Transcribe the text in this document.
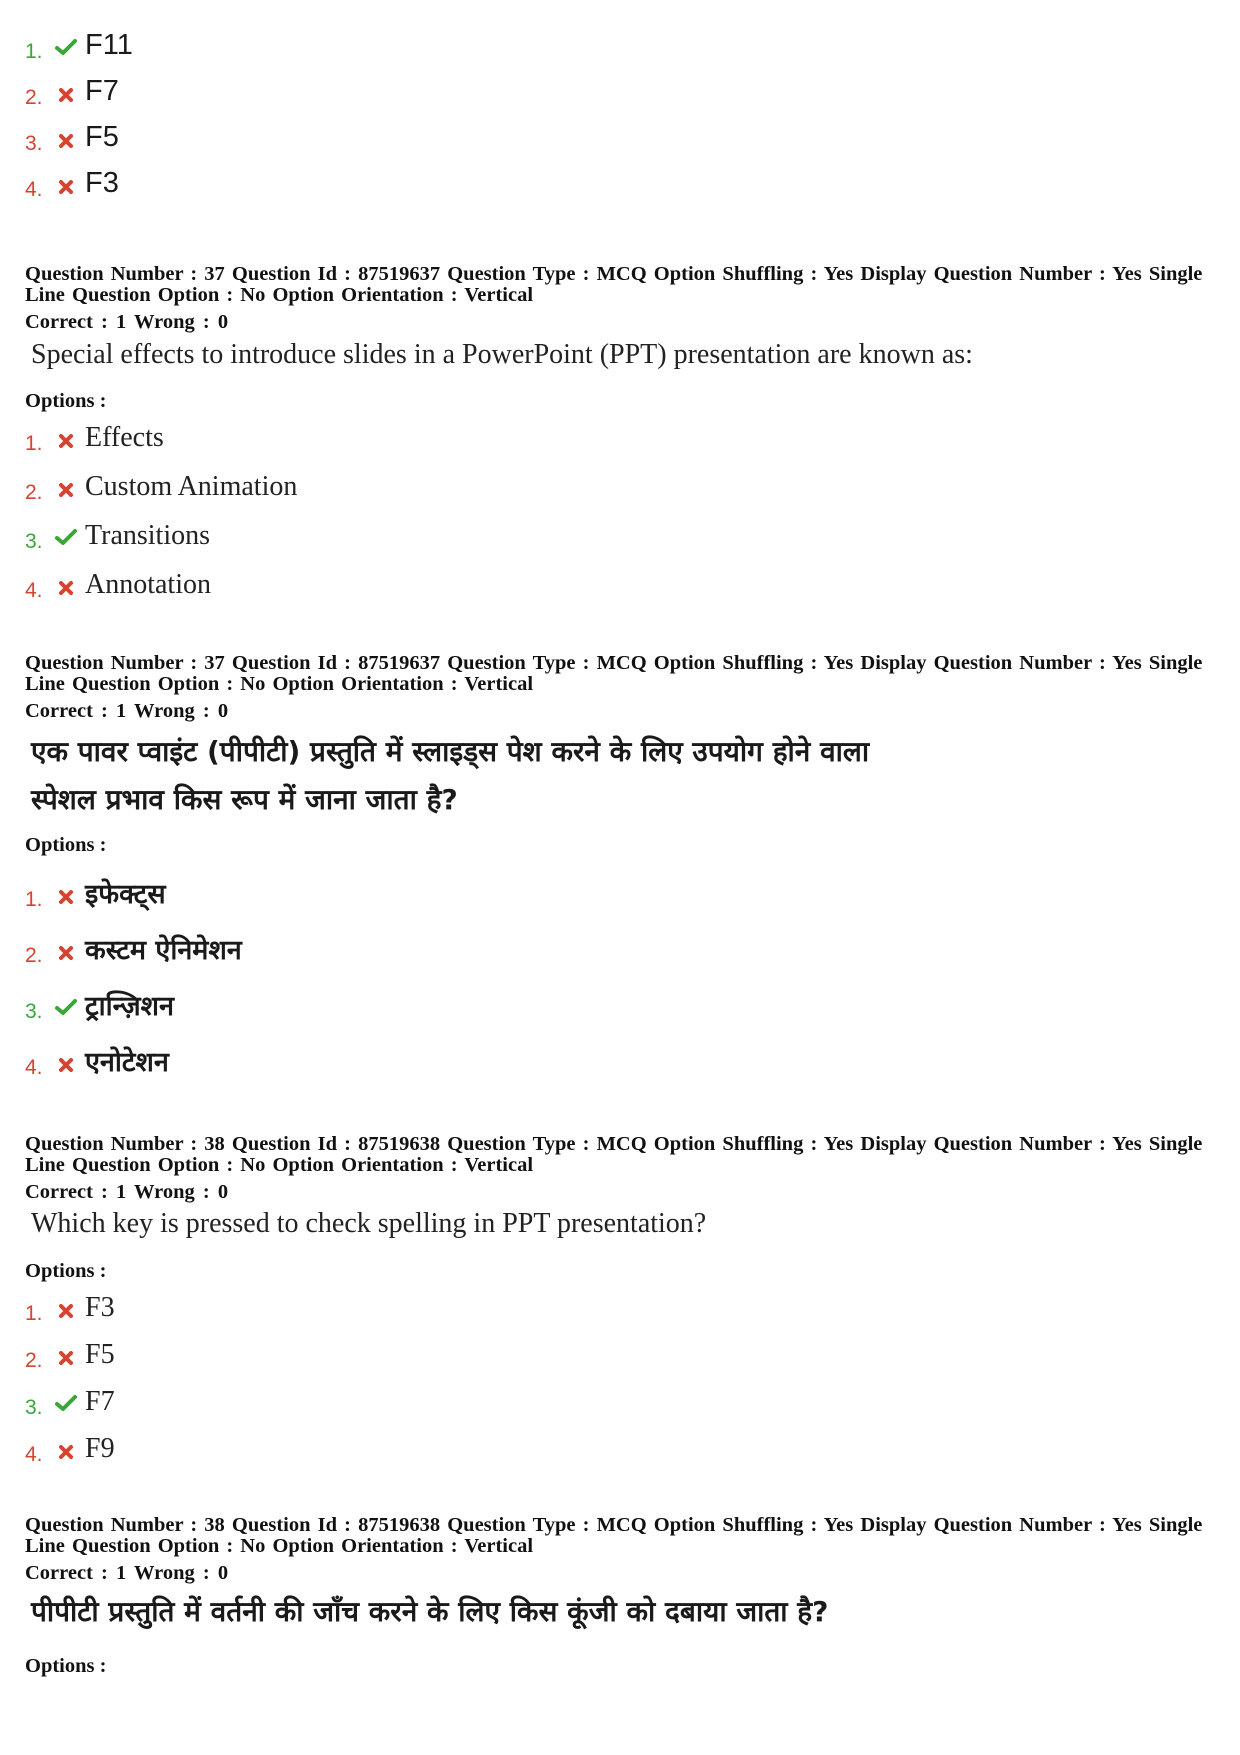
1. F11
2. F7
3. F5
4. F3
Question Number : 37 Question Id : 87519637 Question Type : MCQ Option Shuffling : Yes Display Question Number : Yes Single
Line Question Option : No Option Orientation : Vertical
Correct : 1 Wrong : 0
Special effects to introduce slides in a PowerPoint (PPT) presentation are known as:
Options :
1.	Effects
2.	Custom Animation
3.	Transitions
4.	Annotation
Question Number : 37 Question Id : 87519637 Question Type : MCQ Option Shuffling : Yes Display Question Number : Yes Single
Line Question Option : No Option Orientation : Vertical
Correct : 1 Wrong : 0
एक पावर प्वाइंट (पीपीटी) प्रस्तुति में स्लाइड्स पेश करने के लिए उपयोग होने वाला
स्पेशल प्रभाव किस रूप में जाना जाता है?
Options :
1.	इफेक्ट्स
2.	कस्टम ऐनिमेशन
3.	ट्रान्ज़िशन
4.	एनोटेशन
Question Number : 38 Question Id : 87519638 Question Type : MCQ Option Shuffling : Yes Display Question Number : Yes Single
Line Question Option : No Option Orientation : Vertical
Correct : 1 Wrong : 0
Which key is pressed to check spelling in PPT presentation?
Options :
1.	F3
2.	F5
3.	F7
4.	F9
Question Number : 38 Question Id : 87519638 Question Type : MCQ Option Shuffling : Yes Display Question Number : Yes Single
Line Question Option : No Option Orientation : Vertical
Correct : 1 Wrong : 0
पीपीटी प्रस्तुति में वर्तनी की जाँच करने के लिए किस कूंजी को दबाया जाता है?
Options :
